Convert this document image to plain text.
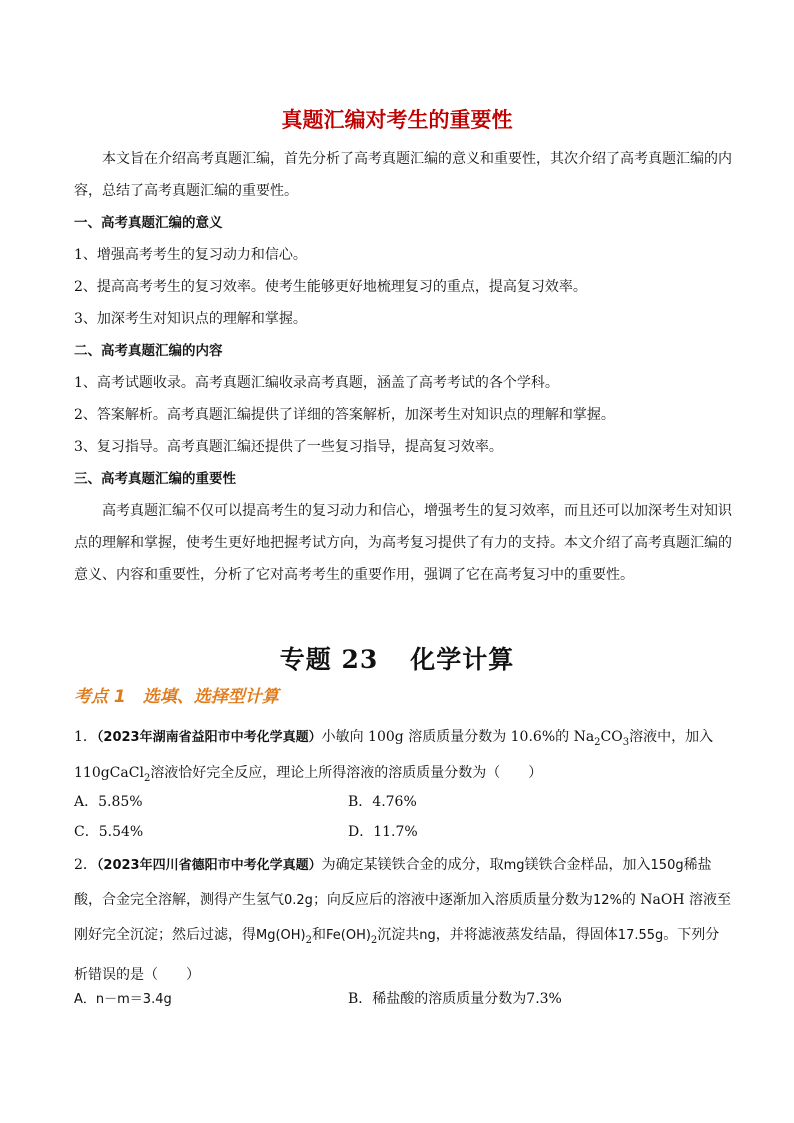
真题汇编对考生的重要性

本文旨在介绍高考真题汇编，首先分析了高考真题汇编的意义和重要性，其次介绍了高考真题汇编的内容，总结了高考真题汇编的重要性。

一、高考真题汇编的意义

1、增强高考考生的复习动力和信心。

2、提高高考考生的复习效率。使考生能够更好地梳理复习的重点，提高复习效率。

3、加深考生对知识点的理解和掌握。

二、高考真题汇编的内容

1、高考试题收录。高考真题汇编收录高考真题，涵盖了高考考试的各个学科。

2、答案解析。高考真题汇编提供了详细的答案解析，加深考生对知识点的理解和掌握。

3、复习指导。高考真题汇编还提供了一些复习指导，提高复习效率。

三、高考真题汇编的重要性

高考真题汇编不仅可以提高考生的复习动力和信心，增强考生的复习效率，而且还可以加深考生对知识点的理解和掌握，使考生更好地把握考试方向，为高考复习提供了有力的支持。本文介绍了高考真题汇编的意义、内容和重要性，分析了它对高考考生的重要作用，强调了它在高考复习中的重要性。

专题 23 化学计算
考点 1　选填、选择型计算
1．（2023年湖南省益阳市中考化学真题）小敏向 100g 溶质质量分数为 10.6%的 $Na_2CO_3$溶液中，加入
110gCaCl$_2$溶液恰好完全反应，理论上所得溶液的溶质质量分数为（　　）
A．5.85%	B．4.76%
C．5.54%	D．11.7%
2．（2023年四川省德阳市中考化学真题）为确定某镁铁合金的成分，取mg镁铁合金样品，加入150g稀盐
酸，合金完全溶解，测得产生氢气0.2g；向反应后的溶液中逐渐加入溶质质量分数为12%的 NaOH 溶液至
刚好完全沉淀；然后过滤，得$Mg(OH)_2$和$Fe(OH)_2$沉淀共ng，并将滤液蒸发结晶，得固体17.55g。下列分
析错误的是（　　）
A．n－m＝3.4g	B．稀盐酸的溶质质量分数为7.3%
